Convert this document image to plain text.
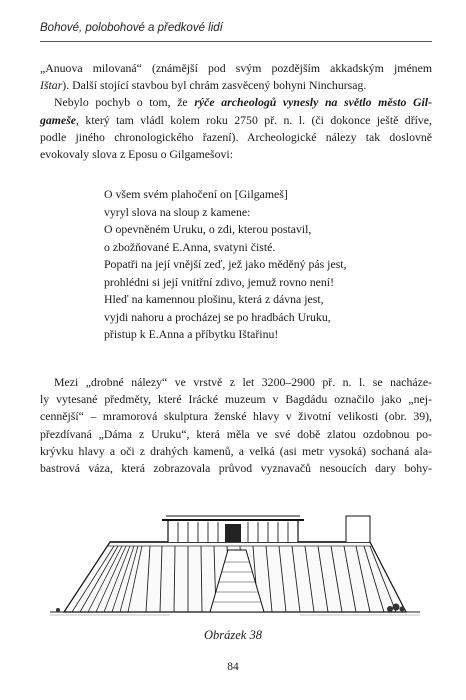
Bohové, polobohové a předkové lidí
„Anuova milovaná“ (známější pod svým pozdějším akkadským jménem
Ištar). Další stojící stavbou byl chrám zasvěcený bohyni Ninchursag.
Nebylo pochyb o tom, že rýče archeologů vynesly na světlo město Gil-
gameše, který tam vládl kolem roku 2750 př. n. l. (či dokonce ještě dříve,
podle jiného chronologického řazení). Archeologické nálezy tak doslovně
evokovaly slova z Eposu o Gilgamešovi:
O všem svém plahočení on [Gilgameš]
vyryl slova na sloup z kamene:
O opevněném Uruku, o zdi, kterou postavil,
o zbožňované E.Anna, svatyni čisté.
Popatři na její vnější zeď, jež jako měděný pás jest,
prohlédni si její vnitřní zdivo, jemuž rovno není!
Hleď na kamennou plošinu, která z dávna jest,
vyjdi nahoru a procházej se po hradbách Uruku,
přistup k E.Anna a příbytku Ištařinu!
Mezi „drobné nálezy“ ve vrstvě z let 3200–2900 př. n. l. se nacháze-
ly vytesané předměty, které Irácké muzeum v Bagdádu označilo jako „nej-
cennější“ – mramorová skulptura ženské hlavy v životní velikosti (obr. 39),
přezdívaná „Dáma z Uruku“, která měla ve své době zlatou ozdobnou po-
krývku hlavy a oči z drahých kamenů, a velká (asi metr vysoká) sochaná ala-
bastrová váza, která zobrazovala průvod vyznavačů nesoucích dary bohy-
Obrázek 38
84
